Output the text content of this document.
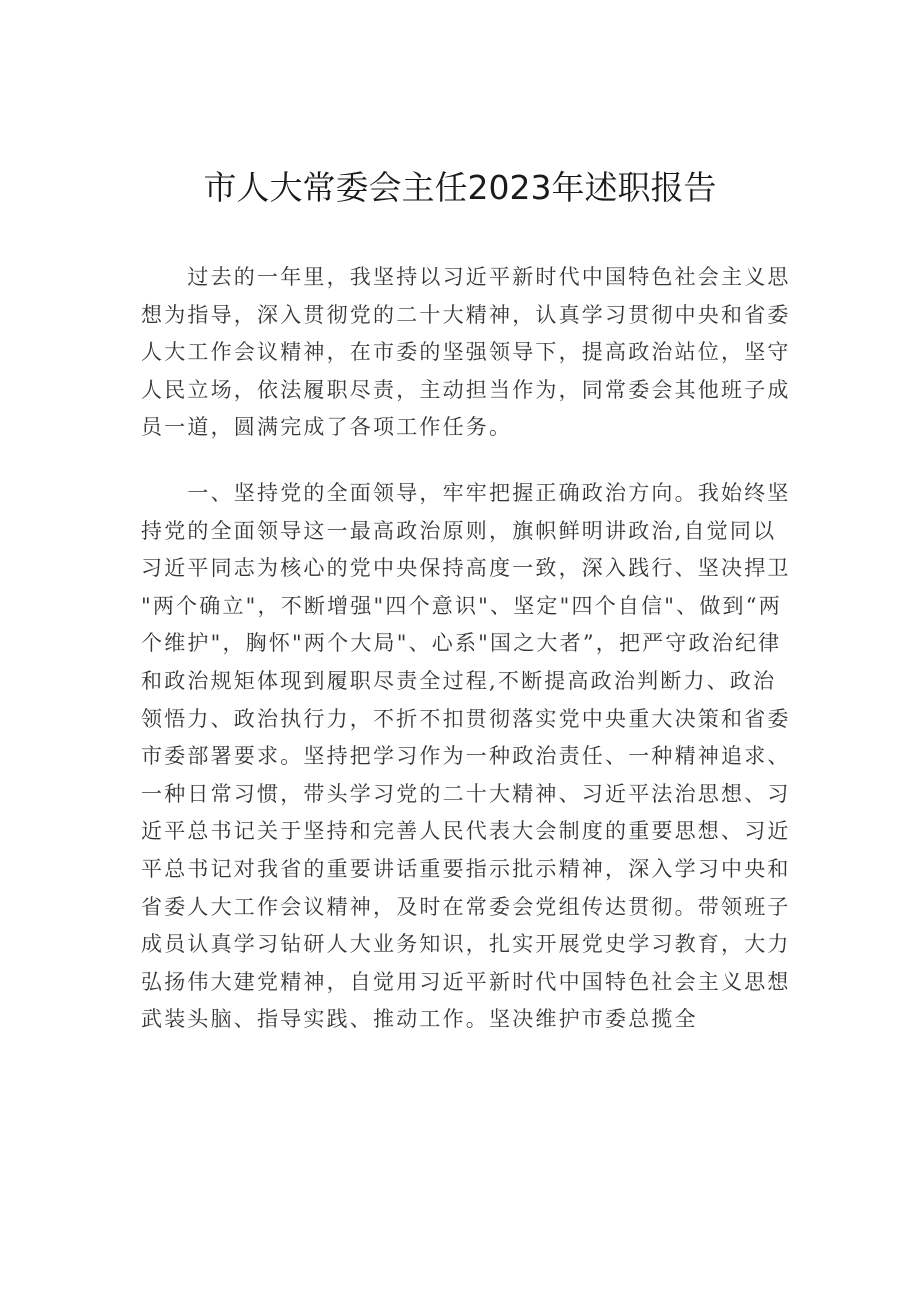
市人大常委会主任2023年述职报告
　　过去的一年里，我坚持以习近平新时代中国特色社会主义思
想为指导，深入贯彻党的二十大精神，认真学习贯彻中央和省委
人大工作会议精神，在市委的坚强领导下，提高政治站位，坚守
人民立场，依法履职尽责，主动担当作为，同常委会其他班子成
员一道，圆满完成了各项工作任务。
　　一、坚持党的全面领导，牢牢把握正确政治方向。我始终坚
持党的全面领导这一最高政治原则，旗帜鲜明讲政治,自觉同以
习近平同志为核心的党中央保持高度一致，深入践行、坚决捍卫
"两个确立"，不断增强"四个意识"、坚定"四个自信"、做到“两
个维护"，胸怀"两个大局"、心系"国之大者”，把严守政治纪律
和政治规矩体现到履职尽责全过程,不断提高政治判断力、政治
领悟力、政治执行力，不折不扣贯彻落实党中央重大决策和省委
市委部署要求。坚持把学习作为一种政治责任、一种精神追求、
一种日常习惯，带头学习党的二十大精神、习近平法治思想、习
近平总书记关于坚持和完善人民代表大会制度的重要思想、习近
平总书记对我省的重要讲话重要指示批示精神，深入学习中央和
省委人大工作会议精神，及时在常委会党组传达贯彻。带领班子
成员认真学习钻研人大业务知识，扎实开展党史学习教育，大力
弘扬伟大建党精神，自觉用习近平新时代中国特色社会主义思想
武装头脑、指导实践、推动工作。坚决维护市委总揽全
